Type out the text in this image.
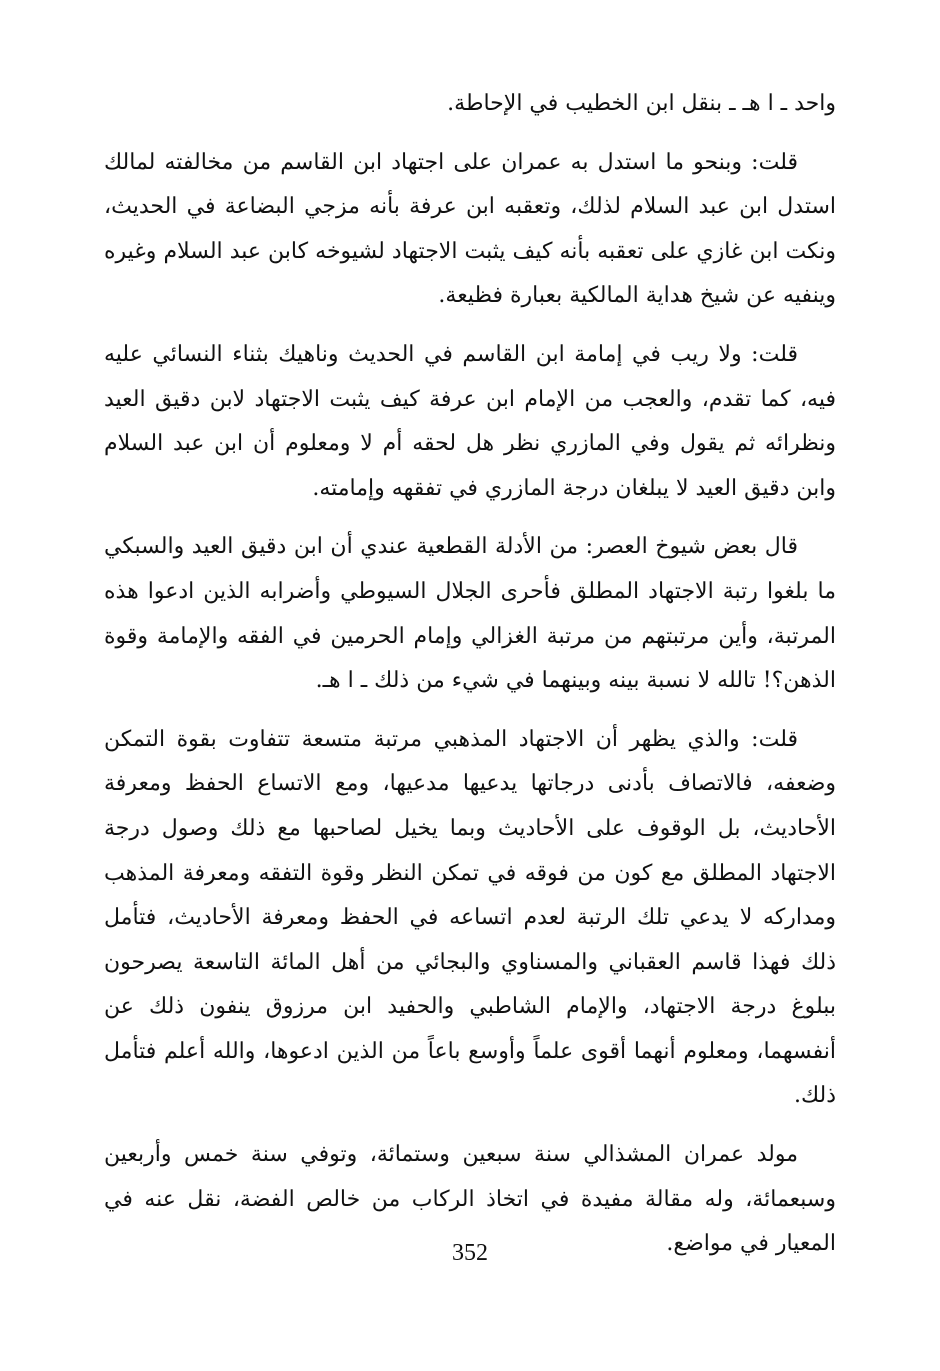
واحد ـ ا هـ ـ بنقل ابن الخطيب في الإحاطة.

قلت: وبنحو ما استدل به عمران على اجتهاد ابن القاسم من مخالفته لمالك استدل ابن عبد السلام لذلك، وتعقبه ابن عرفة بأنه مزجي البضاعة في الحديث، ونكت ابن غازي على تعقبه بأنه كيف يثبت الاجتهاد لشيوخه كابن عبد السلام وغيره وينفيه عن شيخ هداية المالكية بعبارة فظيعة.

قلت: ولا ريب في إمامة ابن القاسم في الحديث وناهيك بثناء النسائي عليه فيه، كما تقدم، والعجب من الإمام ابن عرفة كيف يثبت الاجتهاد لابن دقيق العيد ونظرائه ثم يقول وفي المازري نظر هل لحقه أم لا ومعلوم أن ابن عبد السلام وابن دقيق العيد لا يبلغان درجة المازري في تفقهه وإمامته.

قال بعض شيوخ العصر: من الأدلة القطعية عندي أن ابن دقيق العيد والسبكي ما بلغوا رتبة الاجتهاد المطلق فأحرى الجلال السيوطي وأضرابه الذين ادعوا هذه المرتبة، وأين مرتبتهم من مرتبة الغزالي وإمام الحرمين في الفقه والإمامة وقوة الذهن؟! تالله لا نسبة بينه وبينهما في شيء من ذلك ـ ا هـ.

قلت: والذي يظهر أن الاجتهاد المذهبي مرتبة متسعة تتفاوت بقوة التمكن وضعفه، فالاتصاف بأدنى درجاتها يدعيها مدعيها، ومع الاتساع الحفظ ومعرفة الأحاديث، بل الوقوف على الأحاديث وبما يخيل لصاحبها مع ذلك وصول درجة الاجتهاد المطلق مع كون من فوقه في تمكن النظر وقوة التفقه ومعرفة المذهب ومداركه لا يدعي تلك الرتبة لعدم اتساعه في الحفظ ومعرفة الأحاديث، فتأمل ذلك فهذا قاسم العقباني والمسناوي والبجائي من أهل المائة التاسعة يصرحون ببلوغ درجة الاجتهاد، والإمام الشاطبي والحفيد ابن مرزوق ينفون ذلك عن أنفسهما، ومعلوم أنهما أقوى علماً وأوسع باعاً من الذين ادعوها، والله أعلم فتأمل ذلك.

مولد عمران المشذالي سنة سبعين وستمائة، وتوفي سنة خمس وأربعين وسبعمائة، وله مقالة مفيدة في اتخاذ الركاب من خالص الفضة، نقل عنه في المعيار في مواضع.

352
